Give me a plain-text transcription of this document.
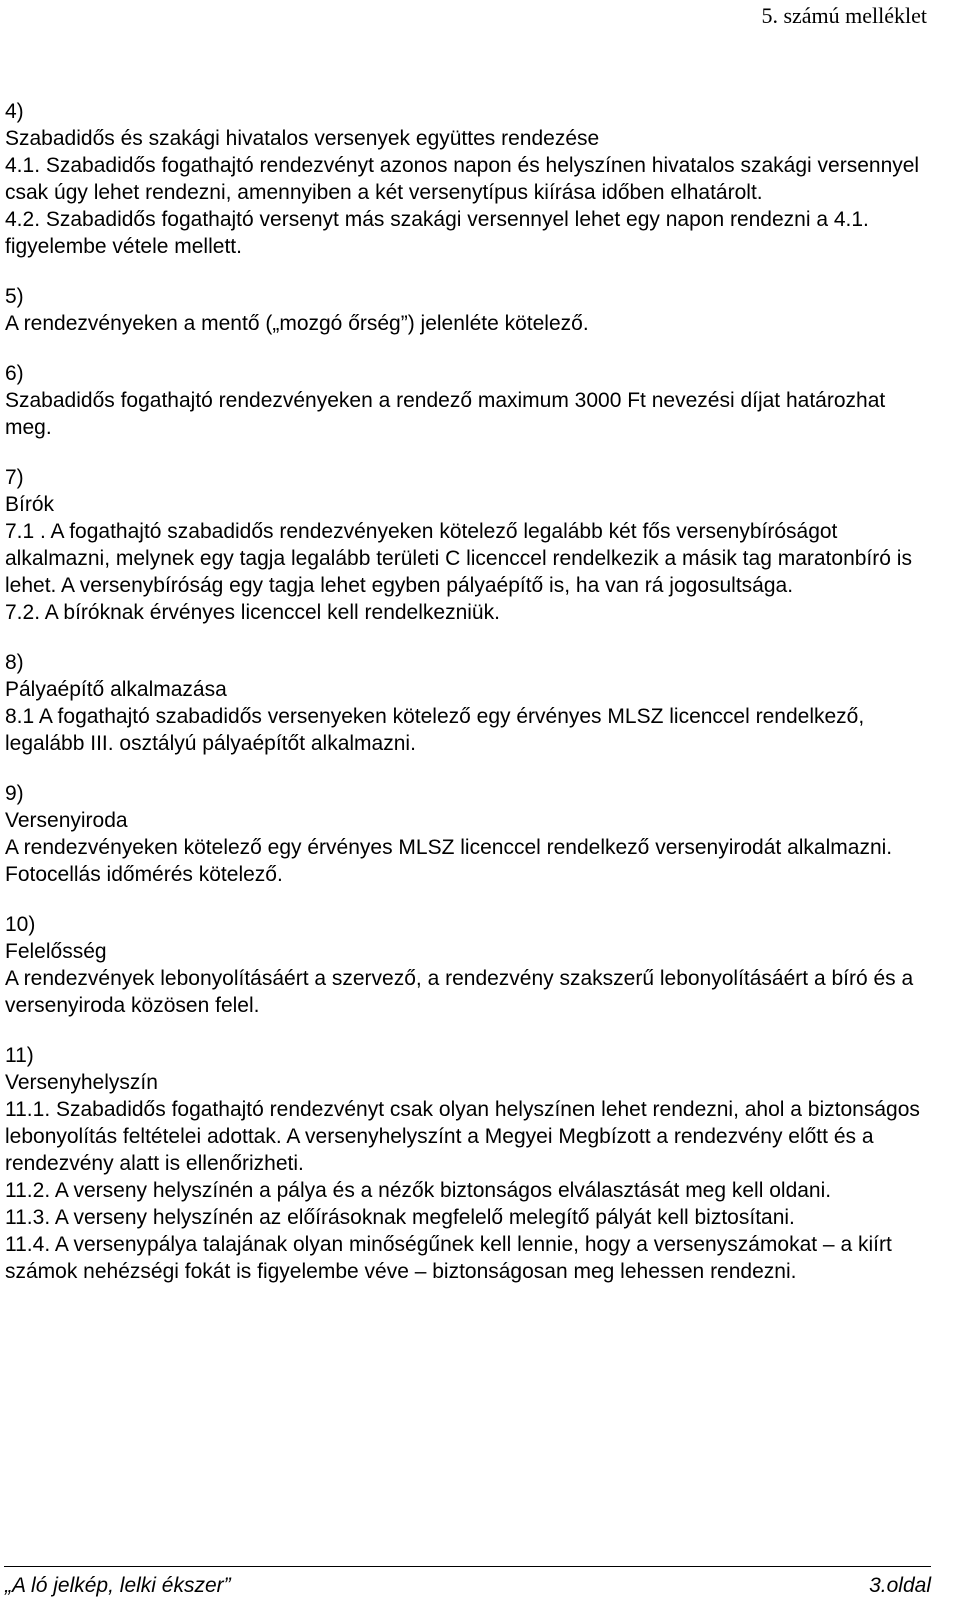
5. számú melléklet

4)

Szabadidős és szakági hivatalos versenyek együttes rendezése

4.1. Szabadidős fogathajtó rendezvényt azonos napon és helyszínen hivatalos szakági versennyel csak úgy lehet rendezni, amennyiben a két versenytípus kiírása időben elhatárolt.

4.2. Szabadidős fogathajtó versenyt más szakági versennyel lehet egy napon rendezni a 4.1. figyelembe vétele mellett.

5)

A rendezvényeken a mentő („mozgó őrség”) jelenléte kötelező.

6)

Szabadidős fogathajtó rendezvényeken a rendező maximum 3000 Ft nevezési díjat határozhat meg.

7)

Bírók

7.1 . A fogathajtó szabadidős rendezvényeken kötelező legalább két fős versenybíróságot alkalmazni, melynek egy tagja legalább területi C licenccel rendelkezik a másik tag maratonbíró is lehet. A versenybíróság egy tagja lehet egyben pályaépítő is, ha van rá jogosultsága.

7.2. A bíróknak érvényes licenccel kell rendelkezniük.

8)

Pályaépítő alkalmazása

8.1 A fogathajtó szabadidős versenyeken kötelező egy érvényes MLSZ licenccel rendelkező, legalább III. osztályú pályaépítőt alkalmazni.

9)

Versenyiroda

A rendezvényeken kötelező egy érvényes MLSZ licenccel rendelkező versenyirodát alkalmazni. Fotocellás időmérés kötelező.

10)

Felelősség

A rendezvények lebonyolításáért a szervező, a rendezvény szakszerű lebonyolításáért a bíró és a versenyiroda közösen felel.

11)

Versenyhelyszín

11.1. Szabadidős fogathajtó rendezvényt csak olyan helyszínen lehet rendezni, ahol a biztonságos lebonyolítás feltételei adottak. A versenyhelyszínt a Megyei Megbízott a rendezvény előtt és a rendezvény alatt is ellenőrizheti.

11.2. A verseny helyszínén a pálya és a nézők biztonságos elválasztását meg kell oldani.

11.3. A verseny helyszínén az előírásoknak megfelelő melegítő pályát kell biztosítani.

11.4. A versenypálya talajának olyan minőségűnek kell lennie, hogy a versenyszámokat – a kiírt számok nehézségi fokát is figyelembe véve – biztonságosan meg lehessen rendezni.

„A ló jelkép, lelki ékszer”	3.oldal
